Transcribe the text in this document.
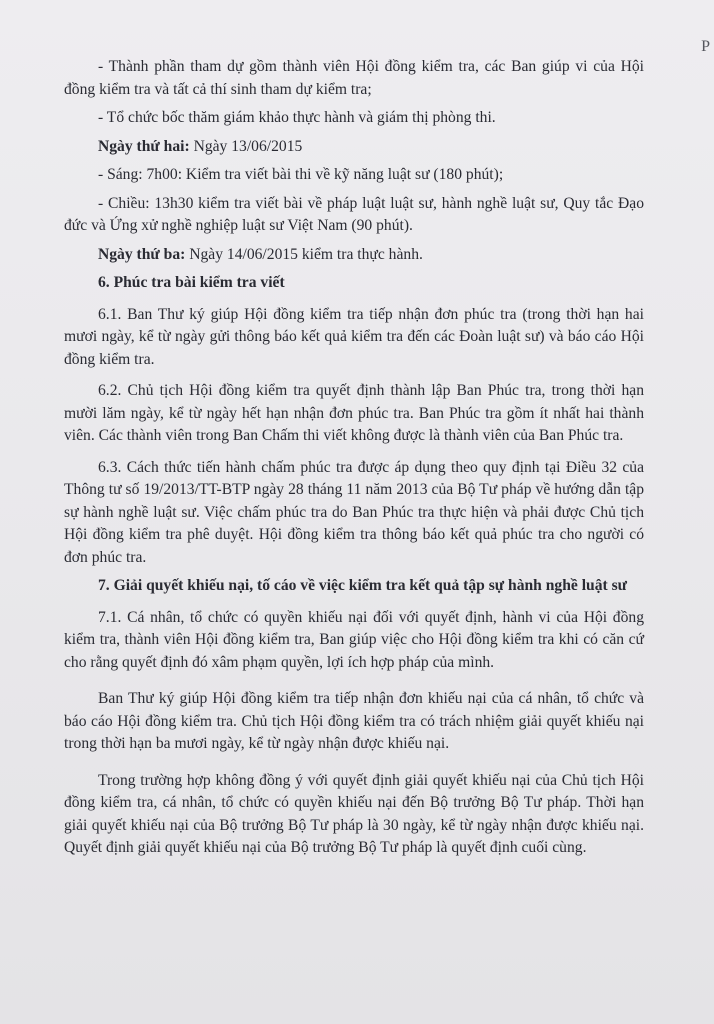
P

- Thành phần tham dự gồm thành viên Hội đồng kiểm tra, các Ban giúp vi của Hội đồng kiểm tra và tất cả thí sinh tham dự kiểm tra;

- Tổ chức bốc thăm giám khảo thực hành và giám thị phòng thi.

Ngày thứ hai: Ngày 13/06/2015

- Sáng: 7h00: Kiểm tra viết bài thi về kỹ năng luật sư (180 phút);

- Chiều: 13h30 kiểm tra viết bài về pháp luật luật sư, hành nghề luật sư, Quy tắc Đạo đức và Ứng xử nghề nghiệp luật sư Việt Nam (90 phút).

Ngày thứ ba: Ngày 14/06/2015 kiểm tra thực hành.

6. Phúc tra bài kiểm tra viết

6.1. Ban Thư ký giúp Hội đồng kiểm tra tiếp nhận đơn phúc tra (trong thời hạn hai mươi ngày, kể từ ngày gửi thông báo kết quả kiểm tra đến các Đoàn luật sư) và báo cáo Hội đồng kiểm tra.

6.2. Chủ tịch Hội đồng kiểm tra quyết định thành lập Ban Phúc tra, trong thời hạn mười lăm ngày, kể từ ngày hết hạn nhận đơn phúc tra. Ban Phúc tra gồm ít nhất hai thành viên. Các thành viên trong Ban Chấm thi viết không được là thành viên của Ban Phúc tra.

6.3. Cách thức tiến hành chấm phúc tra được áp dụng theo quy định tại Điều 32 của Thông tư số 19/2013/TT-BTP ngày 28 tháng 11 năm 2013 của Bộ Tư pháp về hướng dẫn tập sự hành nghề luật sư. Việc chấm phúc tra do Ban Phúc tra thực hiện và phải được Chủ tịch Hội đồng kiểm tra phê duyệt. Hội đồng kiểm tra thông báo kết quả phúc tra cho người có đơn phúc tra.

7. Giải quyết khiếu nại, tố cáo về việc kiểm tra kết quả tập sự hành nghề luật sư

7.1. Cá nhân, tổ chức có quyền khiếu nại đối với quyết định, hành vi của Hội đồng kiểm tra, thành viên Hội đồng kiểm tra, Ban giúp việc cho Hội đồng kiểm tra khi có căn cứ cho rằng quyết định đó xâm phạm quyền, lợi ích hợp pháp của mình.

Ban Thư ký giúp Hội đồng kiểm tra tiếp nhận đơn khiếu nại của cá nhân, tổ chức và báo cáo Hội đồng kiểm tra. Chủ tịch Hội đồng kiểm tra có trách nhiệm giải quyết khiếu nại trong thời hạn ba mươi ngày, kể từ ngày nhận được khiếu nại.

Trong trường hợp không đồng ý với quyết định giải quyết khiếu nại của Chủ tịch Hội đồng kiểm tra, cá nhân, tổ chức có quyền khiếu nại đến Bộ trưởng Bộ Tư pháp. Thời hạn giải quyết khiếu nại của Bộ trưởng Bộ Tư pháp là 30 ngày, kể từ ngày nhận được khiếu nại. Quyết định giải quyết khiếu nại của Bộ trưởng Bộ Tư pháp là quyết định cuối cùng.
